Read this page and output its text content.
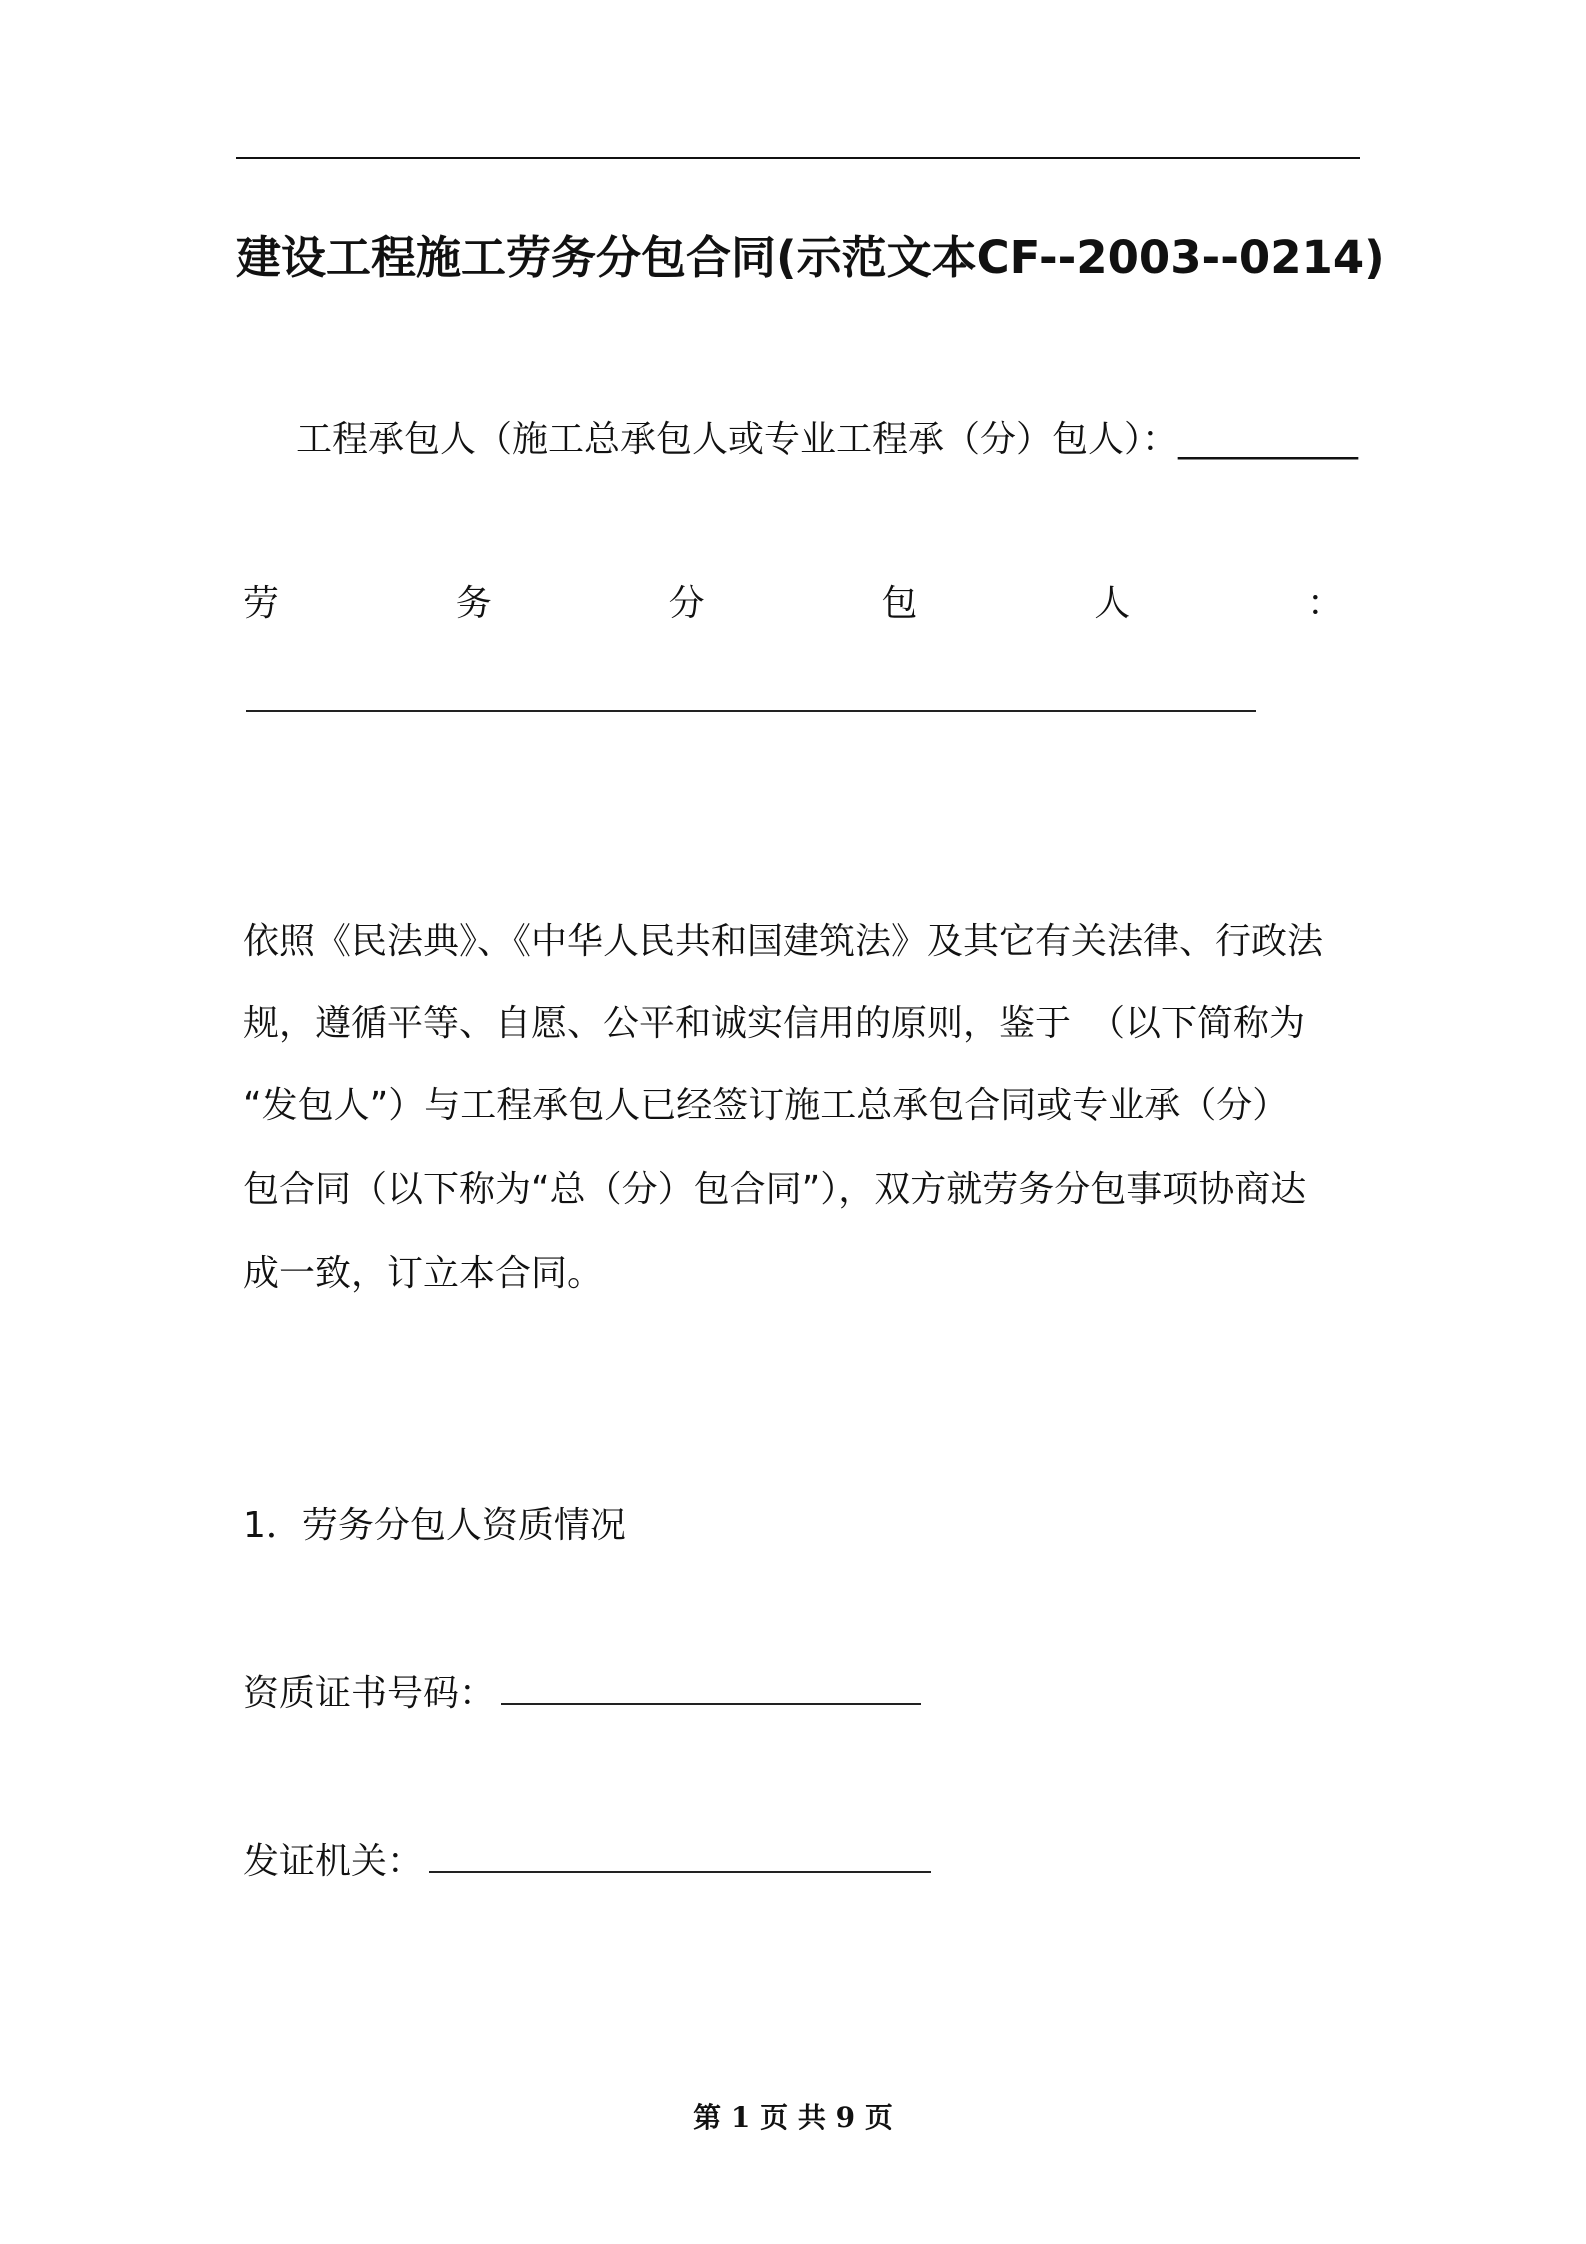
建设工程施工劳务分包合同(示范文本CF--2003--0214)
工程承包人（施工总承包人或专业工程承（分）包人）：__________
劳	务	分	包	人	：
依照《民法典》、《中华人民共和国建筑法》及其它有关法律、行政法
规，遵循平等、自愿、公平和诚实信用的原则，鉴于　（以下简称为
“发包人”）与工程承包人已经签订施工总承包合同或专业承（分）
包合同（以下称为“总（分）包合同”），双方就劳务分包事项协商达
成一致，订立本合同。
1．劳务分包人资质情况
资质证书号码：
发证机关：
第 1 页 共 9 页
